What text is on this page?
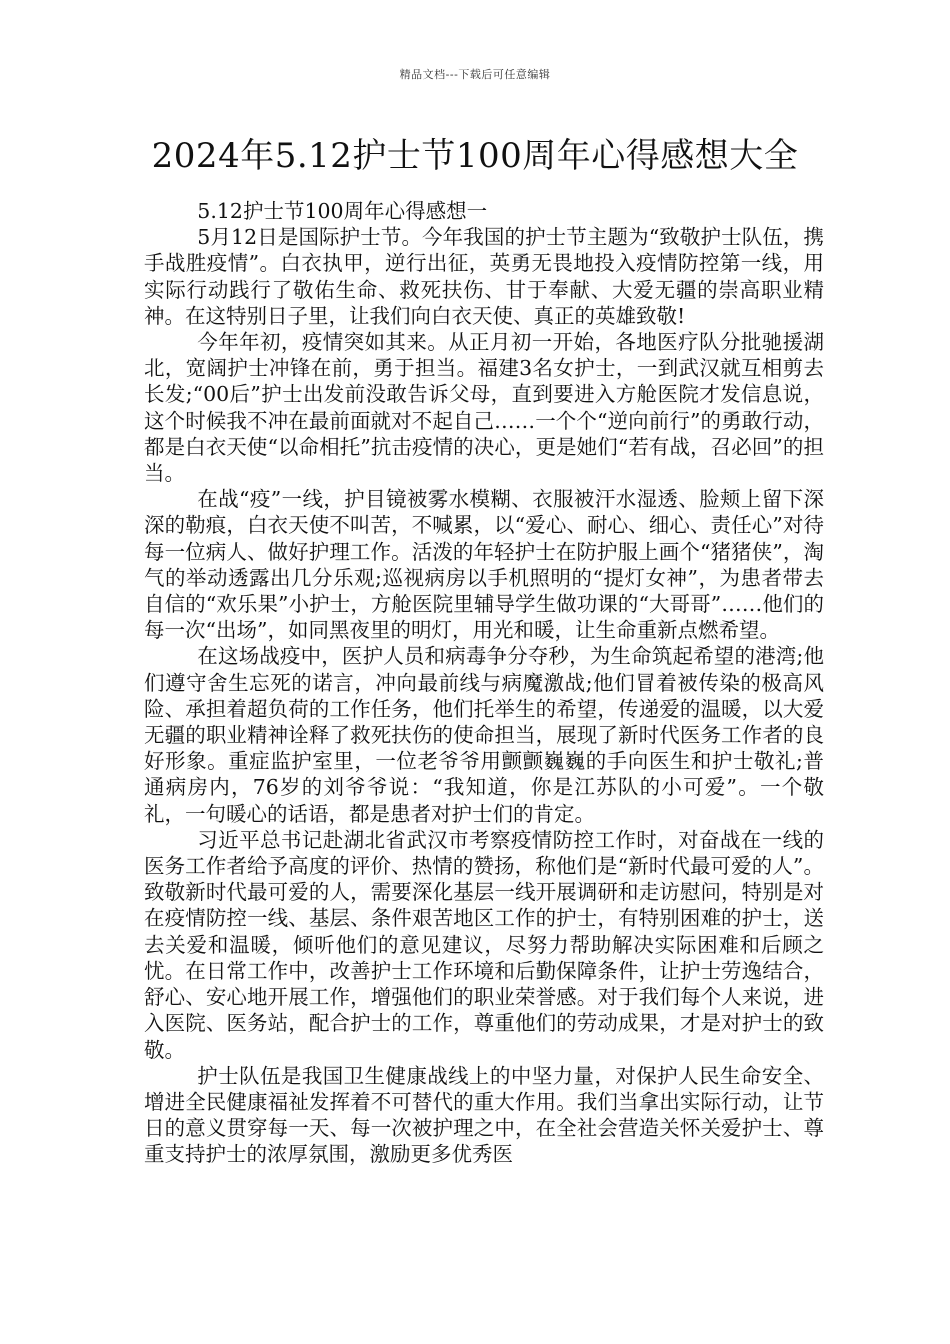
精品文档---下载后可任意编辑
2024年5.12护士节100周年心得感想大全

5.12护士节100周年心得感想一

5月12日是国际护士节。今年我国的护士节主题为“致敬护士队伍，携手战胜疫情”。白衣执甲，逆行出征，英勇无畏地投入疫情防控第一线，用实际行动践行了敬佑生命、救死扶伤、甘于奉献、大爱无疆的崇高职业精神。在这特别日子里，让我们向白衣天使、真正的英雄致敬!

今年年初，疫情突如其来。从正月初一开始，各地医疗队分批驰援湖北，宽阔护士冲锋在前，勇于担当。福建3名女护士，一到武汉就互相剪去长发;“00后”护士出发前没敢告诉父母，直到要进入方舱医院才发信息说，这个时候我不冲在最前面就对不起自己……一个个“逆向前行”的勇敢行动，都是白衣天使“以命相托”抗击疫情的决心，更是她们“若有战，召必回”的担当。

在战“疫”一线，护目镜被雾水模糊、衣服被汗水湿透、脸颊上留下深深的勒痕，白衣天使不叫苦，不喊累，以“爱心、耐心、细心、责任心”对待每一位病人、做好护理工作。活泼的年轻护士在防护服上画个“猪猪侠”，淘气的举动透露出几分乐观;巡视病房以手机照明的“提灯女神”，为患者带去自信的“欢乐果”小护士，方舱医院里辅导学生做功课的“大哥哥”……他们的每一次“出场”，如同黑夜里的明灯，用光和暖，让生命重新点燃希望。

在这场战疫中，医护人员和病毒争分夺秒，为生命筑起希望的港湾;他们遵守舍生忘死的诺言，冲向最前线与病魔激战;他们冒着被传染的极高风险、承担着超负荷的工作任务，他们托举生的希望，传递爱的温暖，以大爱无疆的职业精神诠释了救死扶伤的使命担当，展现了新时代医务工作者的良好形象。重症监护室里，一位老爷爷用颤颤巍巍的手向医生和护士敬礼;普通病房内，76岁的刘爷爷说：“我知道，你是江苏队的小可爱”。一个敬礼，一句暖心的话语，都是患者对护士们的肯定。

习近平总书记赴湖北省武汉市考察疫情防控工作时，对奋战在一线的医务工作者给予高度的评价、热情的赞扬，称他们是“新时代最可爱的人”。致敬新时代最可爱的人，需要深化基层一线开展调研和走访慰问，特别是对在疫情防控一线、基层、条件艰苦地区工作的护士，有特别困难的护士，送去关爱和温暖，倾听他们的意见建议，尽努力帮助解决实际困难和后顾之忧。在日常工作中，改善护士工作环境和后勤保障条件，让护士劳逸结合，舒心、安心地开展工作，增强他们的职业荣誉感。对于我们每个人来说，进入医院、医务站，配合护士的工作，尊重他们的劳动成果，才是对护士的致敬。

护士队伍是我国卫生健康战线上的中坚力量，对保护人民生命安全、增进全民健康福祉发挥着不可替代的重大作用。我们当拿出实际行动，让节日的意义贯穿每一天、每一次被护理之中，在全社会营造关怀关爱护士、尊重支持护士的浓厚氛围，激励更多优秀医
